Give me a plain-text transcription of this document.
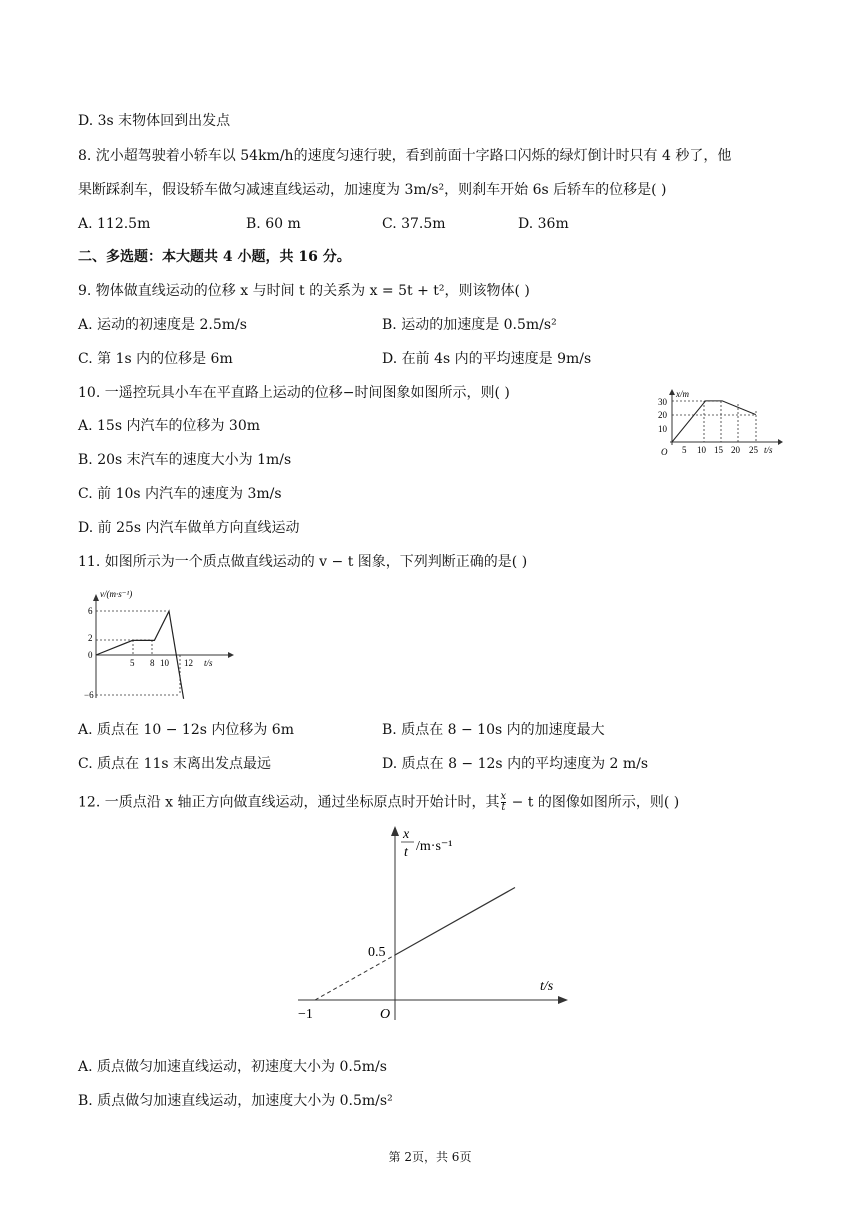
D. 3s 末物体回到出发点
8. 沈小超驾驶着小轿车以 54km/h的速度匀速行驶，看到前面十字路口闪烁的绿灯倒计时只有 4 秒了，他
果断踩刹车，假设轿车做匀减速直线运动，加速度为 3m/s²，则刹车开始 6s 后轿车的位移是( )
A. 112.5m	B. 60 m	C. 37.5m	D. 36m
二、多选题：本大题共 4 小题，共 16 分。
9. 物体做直线运动的位移 x 与时间 t 的关系为 x = 5t + t²，则该物体( )
A. 运动的初速度是 2.5m/s	B. 运动的加速度是 0.5m/s²
C. 第 1s 内的位移是 6m	D. 在前 4s 内的平均速度是 9m/s
10. 一遥控玩具小车在平直路上运动的位移−时间图象如图所示，则( )
A. 15s 内汽车的位移为 30m
B. 20s 末汽车的速度大小为 1m/s
C. 前 10s 内汽车的速度为 3m/s
D. 前 25s 内汽车做单方向直线运动
x/m
t/s
O
30
20
10
5 10 15 20 25
11. 如图所示为一个质点做直线运动的 v − t 图象，下列判断正确的是( )
v/(m·s⁻¹)
t/s
6
2
0
−6
5 8 10 12
A. 质点在 10 − 12s 内位移为 6m	B. 质点在 8 − 10s 内的加速度最大
C. 质点在 11s 末离出发点最远	D. 质点在 8 − 12s 内的平均速度为 2 m/s
12. 一质点沿 x 轴正方向做直线运动，通过坐标原点时开始计时，其 $\frac{x}{t} - t$ 的图像如图所示，则( )
x
t /m·s⁻¹
t/s
−1	O
0.5
A. 质点做匀加速直线运动，初速度大小为 0.5m/s
B. 质点做匀加速直线运动，加速度大小为 0.5m/s²
第 2页，共 6页
